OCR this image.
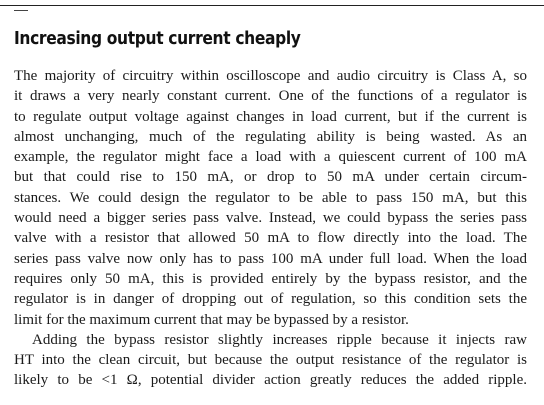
Increasing output current cheaply
The majority of circuitry within oscilloscope and audio circuitry is Class A, so
it draws a very nearly constant current. One of the functions of a regulator is
to regulate output voltage against changes in load current, but if the current is
almost unchanging, much of the regulating ability is being wasted. As an
example, the regulator might face a load with a quiescent current of 100 mA
but that could rise to 150 mA, or drop to 50 mA under certain circum-
stances. We could design the regulator to be able to pass 150 mA, but this
would need a bigger series pass valve. Instead, we could bypass the series pass
valve with a resistor that allowed 50 mA to flow directly into the load. The
series pass valve now only has to pass 100 mA under full load. When the load
requires only 50 mA, this is provided entirely by the bypass resistor, and the
regulator is in danger of dropping out of regulation, so this condition sets the
limit for the maximum current that may be bypassed by a resistor.
Adding the bypass resistor slightly increases ripple because it injects raw
HT into the clean circuit, but because the output resistance of the regulator is
likely to be <1 Ω, potential divider action greatly reduces the added ripple.
